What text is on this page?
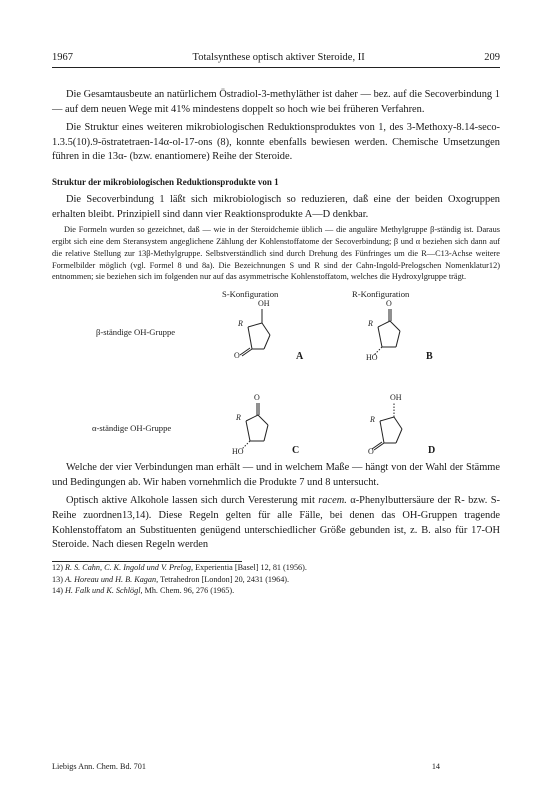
1967	Totalsynthese optisch aktiver Steroide, II	209

Die Gesamtausbeute an natürlichem Östradiol-3-methyläther ist daher — bez. auf die Secoverbindung 1 — auf dem neuen Wege mit 41% mindestens doppelt so hoch wie bei früheren Verfahren.

Die Struktur eines weiteren mikrobiologischen Reduktionsproduktes von 1, des 3-Methoxy-8.14-seco-1.3.5(10).9-östratetraen-14α-ol-17-ons (8), konnte ebenfalls bewiesen werden. Chemische Umsetzungen führen in die 13α- (bzw. enantiomere) Reihe der Steroide.

Struktur der mikrobiologischen Reduktionsprodukte von 1

Die Secoverbindung 1 läßt sich mikrobiologisch so reduzieren, daß eine der beiden Oxogruppen erhalten bleibt. Prinzipiell sind dann vier Reaktionsprodukte A—D denkbar.

Die Formeln wurden so gezeichnet, daß — wie in der Steroidchemie üblich — die anguläre Methylgruppe β-ständig ist. Daraus ergibt sich eine dem Steransystem angeglichene Zählung der Kohlenstoffatome der Secoverbindung; β und α beziehen sich dann auf die relative Stellung zur 13β-Methylgruppe. Selbstverständlich sind durch Drehung des Fünfringes um die R—C13-Achse weitere Formelbilder möglich (vgl. Formel 8 und 8a). Die Bezeichnungen S und R sind der Cahn-Ingold-Prelogschen Nomenklatur12) entnommen; sie beziehen sich im folgenden nur auf das asymmetrische Kohlenstoffatom, welches die Hydroxylgruppe trägt.

S-Konfiguration	R-Konfiguration
β-ständige OH-Gruppe
α-ständige OH-Gruppe
OH
R
O	A
O
R
HO	B
O
R
HO	C
OH
R
O	D

Welche der vier Verbindungen man erhält — und in welchem Maße — hängt von der Wahl der Stämme und Bedingungen ab. Wir haben vornehmlich die Produkte 7 und 8 untersucht.

Optisch aktive Alkohole lassen sich durch Veresterung mit racem. α-Phenylbuttersäure der R- bzw. S-Reihe zuordnen13,14). Diese Regeln gelten für alle Fälle, bei denen das OH-Gruppen tragende Kohlenstoffatom an Substituenten genügend unterschiedlicher Größe gebunden ist, z. B. also für 17-OH Steroide. Nach diesen Regeln werden

12) R. S. Cahn, C. K. Ingold und V. Prelog, Experientia [Basel] 12, 81 (1956).

13) A. Horeau und H. B. Kagan, Tetrahedron [London] 20, 2431 (1964).

14) H. Falk und K. Schlögl, Mh. Chem. 96, 276 (1965).

Liebigs Ann. Chem. Bd. 701	14
